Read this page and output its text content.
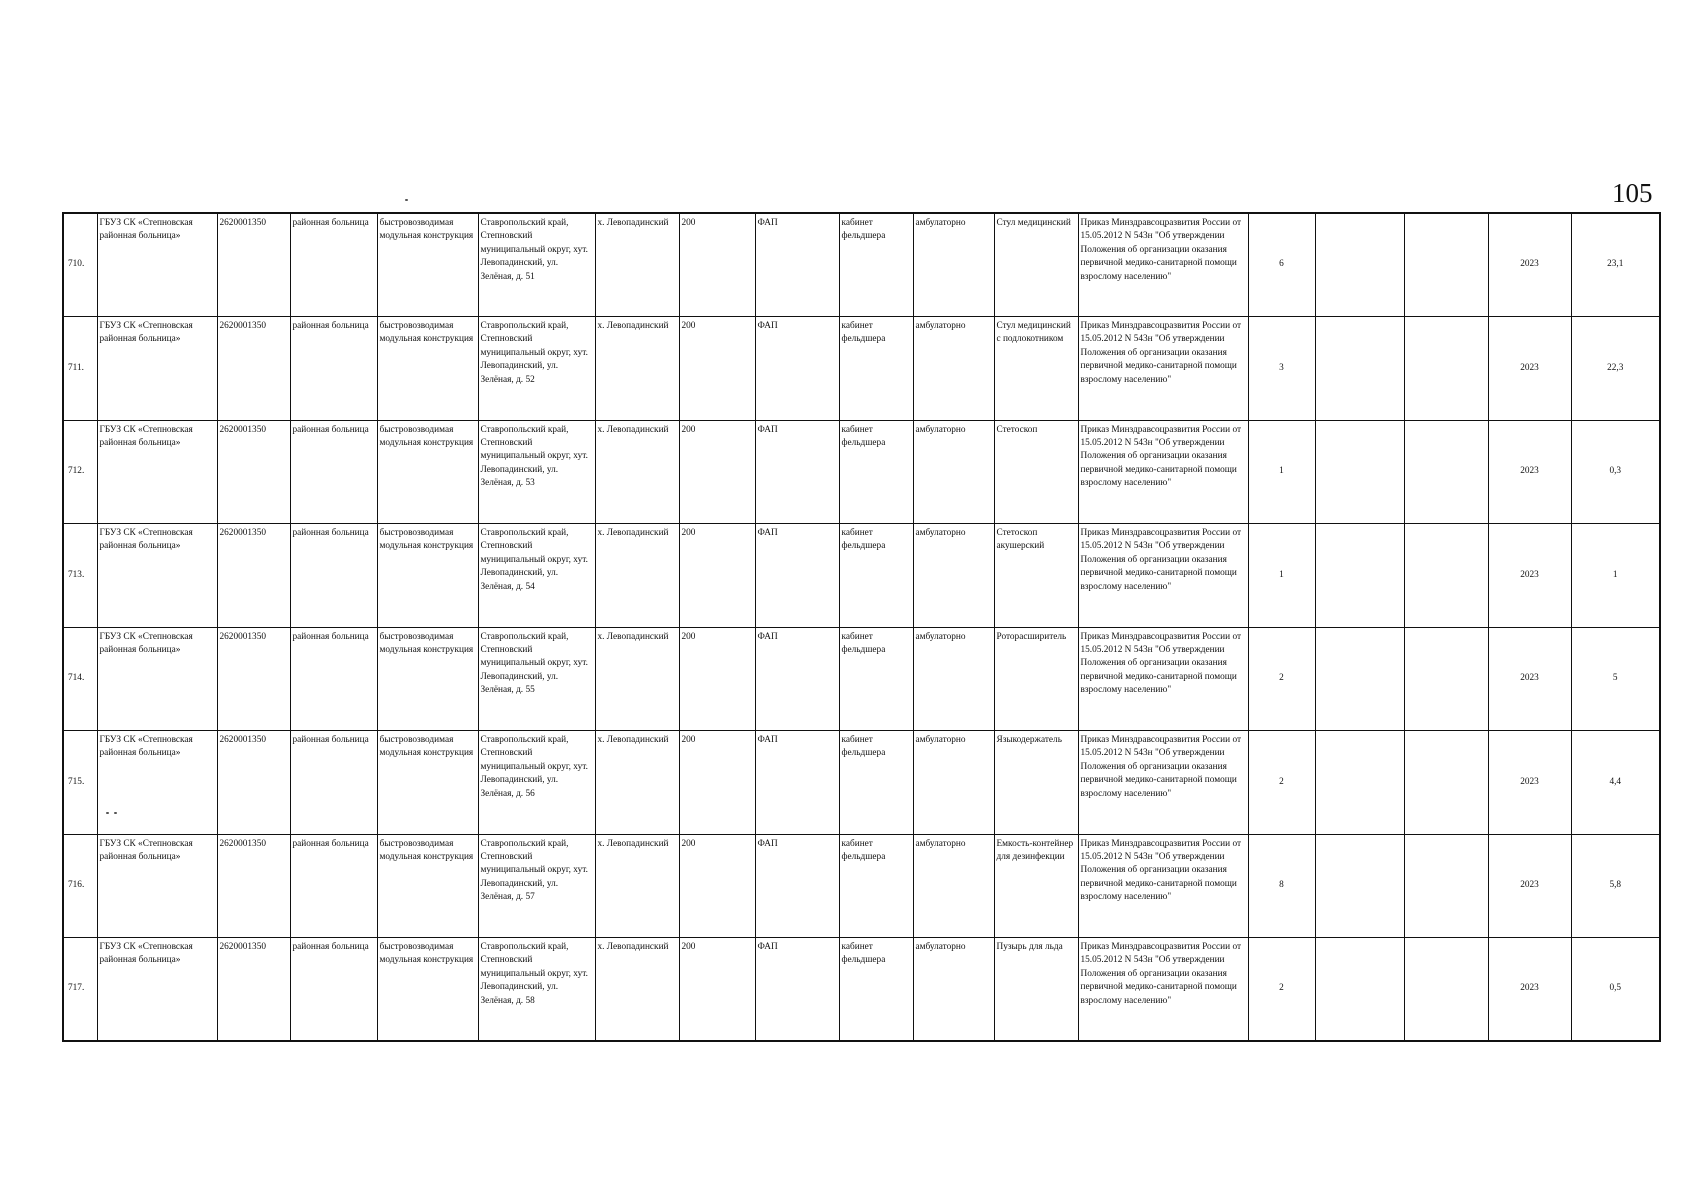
105
710.	ГБУЗ СК «Степновская районная больница»	2620001350	районная больница	быстровозводимая модульная конструкция	Ставропольский край, Степновский муниципальный округ, хут. Левопадинский, ул. Зелёная, д. 51	х. Левопадинский	200	ФАП	кабинет фельдшера	амбулаторно	Стул медицинский	Приказ Минздравсоцразвития России от 15.05.2012 N 543н "Об утверждении Положения об организации оказания первичной медико-санитарной помощи взрослому населению"	6			2023	23,1
711.	ГБУЗ СК «Степновская районная больница»	2620001350	районная больница	быстровозводимая модульная конструкция	Ставропольский край, Степновский муниципальный округ, хут. Левопадинский, ул. Зелёная, д. 52	х. Левопадинский	200	ФАП	кабинет фельдшера	амбулаторно	Стул медицинский с подлокотником	Приказ Минздравсоцразвития России от 15.05.2012 N 543н "Об утверждении Положения об организации оказания первичной медико-санитарной помощи взрослому населению"	3			2023	22,3
712.	ГБУЗ СК «Степновская районная больница»	2620001350	районная больница	быстровозводимая модульная конструкция	Ставропольский край, Степновский муниципальный округ, хут. Левопадинский, ул. Зелёная, д. 53	х. Левопадинский	200	ФАП	кабинет фельдшера	амбулаторно	Стетоскоп	Приказ Минздравсоцразвития России от 15.05.2012 N 543н "Об утверждении Положения об организации оказания первичной медико-санитарной помощи взрослому населению"	1			2023	0,3
713.	ГБУЗ СК «Степновская районная больница»	2620001350	районная больница	быстровозводимая модульная конструкция	Ставропольский край, Степновский муниципальный округ, хут. Левопадинский, ул. Зелёная, д. 54	х. Левопадинский	200	ФАП	кабинет фельдшера	амбулаторно	Стетоскоп акушерский	Приказ Минздравсоцразвития России от 15.05.2012 N 543н "Об утверждении Положения об организации оказания первичной медико-санитарной помощи взрослому населению"	1			2023	1
714.	ГБУЗ СК «Степновская районная больница»	2620001350	районная больница	быстровозводимая модульная конструкция	Ставропольский край, Степновский муниципальный округ, хут. Левопадинский, ул. Зелёная, д. 55	х. Левопадинский	200	ФАП	кабинет фельдшера	амбулаторно	Роторасширитель	Приказ Минздравсоцразвития России от 15.05.2012 N 543н "Об утверждении Положения об организации оказания первичной медико-санитарной помощи взрослому населению"	2			2023	5
715.	ГБУЗ СК «Степновская районная больница»	2620001350	районная больница	быстровозводимая модульная конструкция	Ставропольский край, Степновский муниципальный округ, хут. Левопадинский, ул. Зелёная, д. 56	х. Левопадинский	200	ФАП	кабинет фельдшера	амбулаторно	Языкодержатель	Приказ Минздравсоцразвития России от 15.05.2012 N 543н "Об утверждении Положения об организации оказания первичной медико-санитарной помощи взрослому населению"	2			2023	4,4
716.	ГБУЗ СК «Степновская районная больница»	2620001350	районная больница	быстровозводимая модульная конструкция	Ставропольский край, Степновский муниципальный округ, хут. Левопадинский, ул. Зелёная, д. 57	х. Левопадинский	200	ФАП	кабинет фельдшера	амбулаторно	Емкость-контейнер для дезинфекции	Приказ Минздравсоцразвития России от 15.05.2012 N 543н "Об утверждении Положения об организации оказания первичной медико-санитарной помощи взрослому населению"	8			2023	5,8
717.	ГБУЗ СК «Степновская районная больница»	2620001350	районная больница	быстровозводимая модульная конструкция	Ставропольский край, Степновский муниципальный округ, хут. Левопадинский, ул. Зелёная, д. 58	х. Левопадинский	200	ФАП	кабинет фельдшера	амбулаторно	Пузырь для льда	Приказ Минздравсоцразвития России от 15.05.2012 N 543н "Об утверждении Положения об организации оказания первичной медико-санитарной помощи взрослому населению"	2			2023	0,5
